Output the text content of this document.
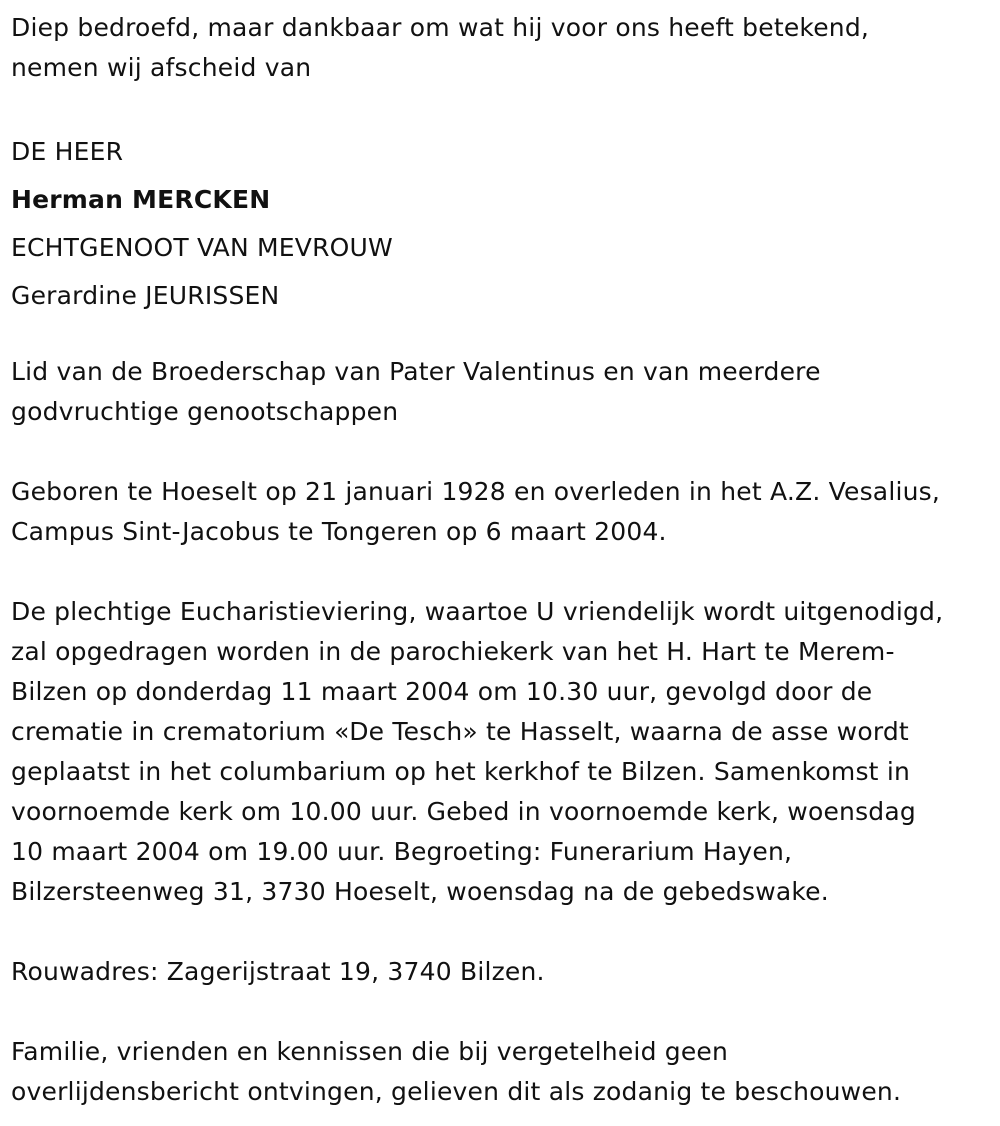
Diep bedroefd, maar dankbaar om wat hij voor ons heeft betekend,

nemen wij afscheid van

DE HEER

Herman MERCKEN

ECHTGENOOT VAN MEVROUW

Gerardine JEURISSEN

Lid van de Broederschap van Pater Valentinus en van meerdere

godvruchtige genootschappen

Geboren te Hoeselt op 21 januari 1928 en overleden in het A.Z. Vesalius,

Campus Sint-Jacobus te Tongeren op 6 maart 2004.

De plechtige Eucharistieviering, waartoe U vriendelijk wordt uitgenodigd,

zal opgedragen worden in de parochiekerk van het H. Hart te Merem-

Bilzen op donderdag 11 maart 2004 om 10.30 uur, gevolgd door de

crematie in crematorium «De Tesch» te Hasselt, waarna de asse wordt

geplaatst in het columbarium op het kerkhof te Bilzen. Samenkomst in

voornoemde kerk om 10.00 uur. Gebed in voornoemde kerk, woensdag

10 maart 2004 om 19.00 uur. Begroeting: Funerarium Hayen,

Bilzersteenweg 31, 3730 Hoeselt, woensdag na de gebedswake.

Rouwadres: Zagerijstraat 19, 3740 Bilzen.

Familie, vrienden en kennissen die bij vergetelheid geen

overlijdensbericht ontvingen, gelieven dit als zodanig te beschouwen.
